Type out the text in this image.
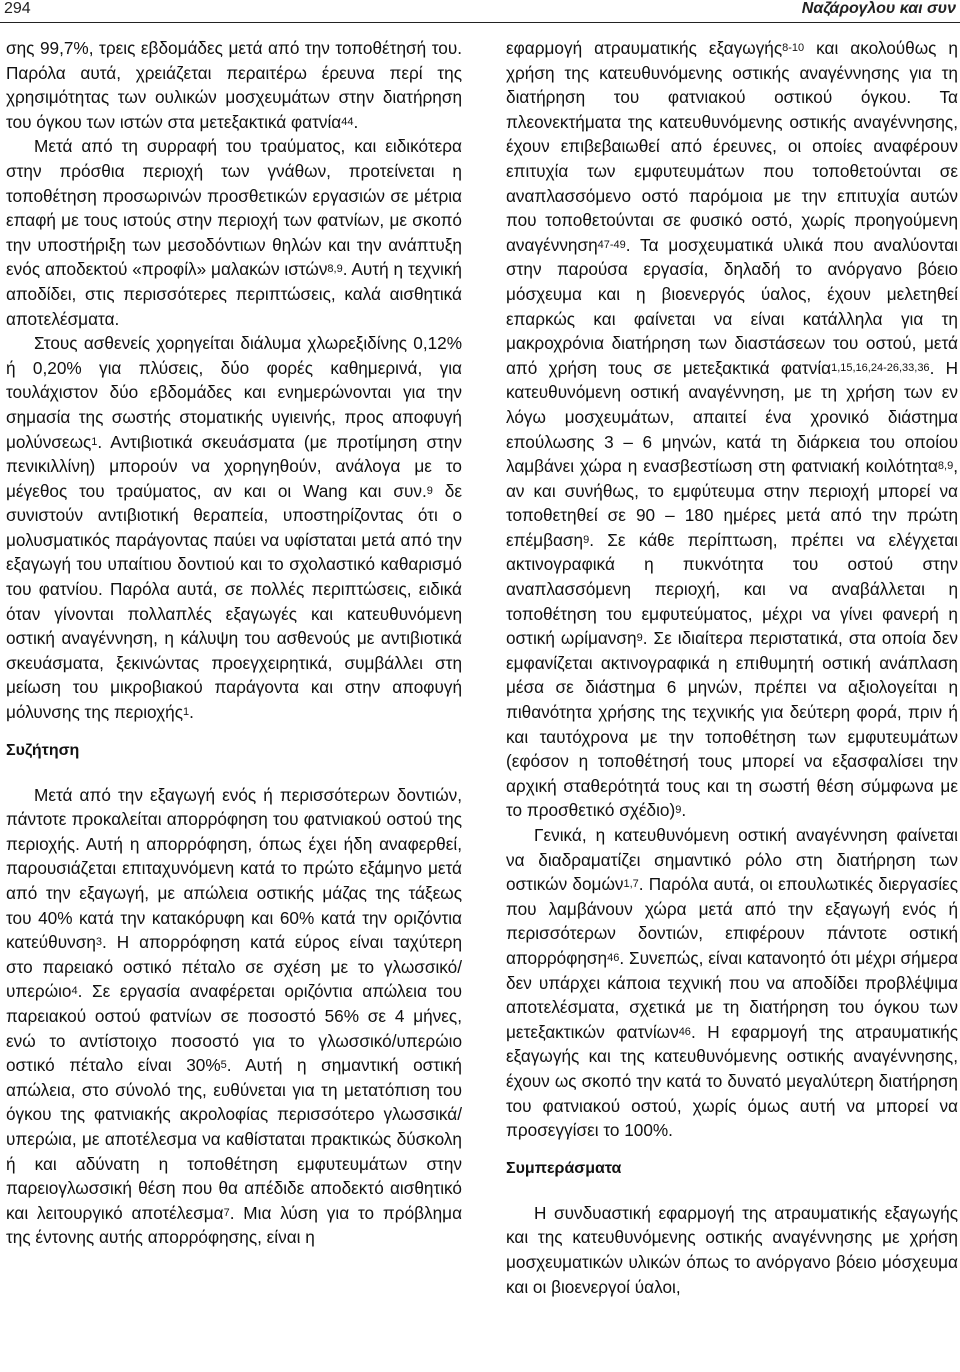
294	Ναζάρογλου και συν

σης 99,7%, τρεις εβδομάδες μετά από την τοποθέτησή του. Παρόλα αυτά, χρειάζεται περαιτέρω έρευνα περί της χρησιμότητας των ουλικών μοσχευμάτων στην διατήρηση του όγκου των ιστών στα μετεξακτικά φατνία$^{44}$.

Μετά από τη συρραφή του τραύματος, και ειδικότερα στην πρόσθια περιοχή των γνάθων, προτείνεται η τοποθέτηση προσωρινών προσθετικών εργασιών σε μέτρια επαφή με τους ιστούς στην περιοχή των φατνίων, με σκοπό την υποστήριξη των μεσοδόντιων θηλών και την ανάπτυξη ενός αποδεκτού «προφίλ» μαλακών ιστών$^{8,9}$. Αυτή η τεχνική αποδίδει, στις περισσότερες περιπτώσεις, καλά αισθητικά αποτελέσματα.

Στους ασθενείς χορηγείται διάλυμα χλωρεξιδίνης 0,12% ή 0,20% για πλύσεις, δύο φορές καθημερινά, για τουλάχιστον δύο εβδομάδες και ενημερώνονται για την σημασία της σωστής στοματικής υγιεινής, προς αποφυγή μολύνσεως$^1$. Αντιβιοτικά σκευάσματα (με προτίμηση στην πενικιλλίνη) μπορούν να χορηγηθούν, ανάλογα με το μέγεθος του τραύματος, αν και οι Wang και συν.$^9$ δε συνιστούν αντιβιοτική θεραπεία, υποστηρίζοντας ότι ο μολυσματικός παράγοντας παύει να υφίσταται μετά από την εξαγωγή του υπαίτιου δοντιού και το σχολαστικό καθαρισμό του φατνίου. Παρόλα αυτά, σε πολλές περιπτώσεις, ειδικά όταν γίνονται πολλαπλές εξαγωγές και κατευθυνόμενη οστική αναγέννηση, η κάλυψη του ασθενούς με αντιβιοτικά σκευάσματα, ξεκινώντας προεγχειρητικά, συμβάλλει στη μείωση του μικροβιακού παράγοντα και στην αποφυγή μόλυνσης της περιοχής$^1$.

Συζήτηση

Μετά από την εξαγωγή ενός ή περισσότερων δοντιών, πάντοτε προκαλείται απορρόφηση του φατνιακού οστού της περιοχής. Αυτή η απορρόφηση, όπως έχει ήδη αναφερθεί, παρουσιάζεται επιταχυνόμενη κατά το πρώτο εξάμηνο μετά από την εξαγωγή, με απώλεια οστικής μάζας της τάξεως του 40% κατά την κατακόρυφη και 60% κατά την οριζόντια κατεύθυνση$^3$. Η απορρόφηση κατά εύρος είναι ταχύτερη στο παρειακό οστικό πέταλο σε σχέση με το γλωσσικό/υπερώιο$^4$. Σε εργασία αναφέρεται οριζόντια απώλεια του παρειακού οστού φατνίων σε ποσοστό 56% σε 4 μήνες, ενώ το αντίστοιχο ποσοστό για το γλωσσικό/υπερώιο οστικό πέταλο είναι 30%$^5$. Αυτή η σημαντική οστική απώλεια, στο σύνολό της, ευθύνεται για τη μετατόπιση του όγκου της φατνιακής ακρολοφίας περισσότερο γλωσσικά/υπερώια, με αποτέλεσμα να καθίσταται πρακτικώς δύσκολη ή και αδύνατη η τοποθέτηση εμφυτευμάτων στην παρειογλωσσική θέση που θα απέδιδε αποδεκτό αισθητικό και λειτουργικό αποτέλεσμα$^7$. Μια λύση για το πρόβλημα της έντονης αυτής απορρόφησης, είναι η

εφαρμογή ατραυματικής εξαγωγής$^{8-10}$ και ακολούθως η χρήση της κατευθυνόμενης οστικής αναγέννησης για τη διατήρηση του φατνιακού οστικού όγκου. Τα πλεονεκτήματα της κατευθυνόμενης οστικής αναγέννησης, έχουν επιβεβαιωθεί από έρευνες, οι οποίες αναφέρουν επιτυχία των εμφυτευμάτων που τοποθετούνται σε αναπλασσόμενο οστό παρόμοια με την επιτυχία αυτών που τοποθετούνται σε φυσικό οστό, χωρίς προηγούμενη αναγέννηση$^{47-49}$. Τα μοσχευματικά υλικά που αναλύονται στην παρούσα εργασία, δηλαδή το ανόργανο βόειο μόσχευμα και η βιοενεργός ύαλος, έχουν μελετηθεί επαρκώς και φαίνεται να είναι κατάλληλα για τη μακροχρόνια διατήρηση των διαστάσεων του οστού, μετά από χρήση τους σε μετεξακτικά φατνία$^{1,15,16,24-26,33,36}$. Η κατευθυνόμενη οστική αναγέννηση, με τη χρήση των εν λόγω μοσχευμάτων, απαιτεί ένα χρονικό διάστημα επούλωσης 3 – 6 μηνών, κατά τη διάρκεια του οποίου λαμβάνει χώρα η ενασβεστίωση στη φατνιακή κοιλότητα$^{8,9}$, αν και συνήθως, το εμφύτευμα στην περιοχή μπορεί να τοποθετηθεί σε 90 – 180 ημέρες μετά από την πρώτη επέμβαση$^9$. Σε κάθε περίπτωση, πρέπει να ελέγχεται ακτινογραφικά η πυκνότητα του οστού στην αναπλασσόμενη περιοχή, και να αναβάλλεται η τοποθέτηση του εμφυτεύματος, μέχρι να γίνει φανερή η οστική ωρίμανση$^9$. Σε ιδιαίτερα περιστατικά, στα οποία δεν εμφανίζεται ακτινογραφικά η επιθυμητή οστική ανάπλαση μέσα σε διάστημα 6 μηνών, πρέπει να αξιολογείται η πιθανότητα χρήσης της τεχνικής για δεύτερη φορά, πριν ή και ταυτόχρονα με την τοποθέτηση των εμφυτευμάτων (εφόσον η τοποθέτησή τους μπορεί να εξασφαλίσει την αρχική σταθερότητά τους και τη σωστή θέση σύμφωνα με το προσθετικό σχέδιο)$^9$.

Γενικά, η κατευθυνόμενη οστική αναγέννηση φαίνεται να διαδραματίζει σημαντικό ρόλο στη διατήρηση των οστικών δομών$^{1,7}$. Παρόλα αυτά, οι επουλωτικές διεργασίες που λαμβάνουν χώρα μετά από την εξαγωγή ενός ή περισσότερων δοντιών, επιφέρουν πάντοτε οστική απορρόφηση$^{46}$. Συνεπώς, είναι κατανοητό ότι μέχρι σήμερα δεν υπάρχει κάποια τεχνική που να αποδίδει προβλέψιμα αποτελέσματα, σχετικά με τη διατήρηση του όγκου των μετεξακτικών φατνίων$^{46}$. Η εφαρμογή της ατραυματικής εξαγωγής και της κατευθυνόμενης οστικής αναγέννησης, έχουν ως σκοπό την κατά το δυνατό μεγαλύτερη διατήρηση του φατνιακού οστού, χωρίς όμως αυτή να μπορεί να προσεγγίσει το 100%.

Συμπεράσματα

Η συνδυαστική εφαρμογή της ατραυματικής εξαγωγής και της κατευθυνόμενης οστικής αναγέννησης με χρήση μοσχευματικών υλικών όπως το ανόργανο βόειο μόσχευμα και οι βιοενεργοί ύαλοι,
